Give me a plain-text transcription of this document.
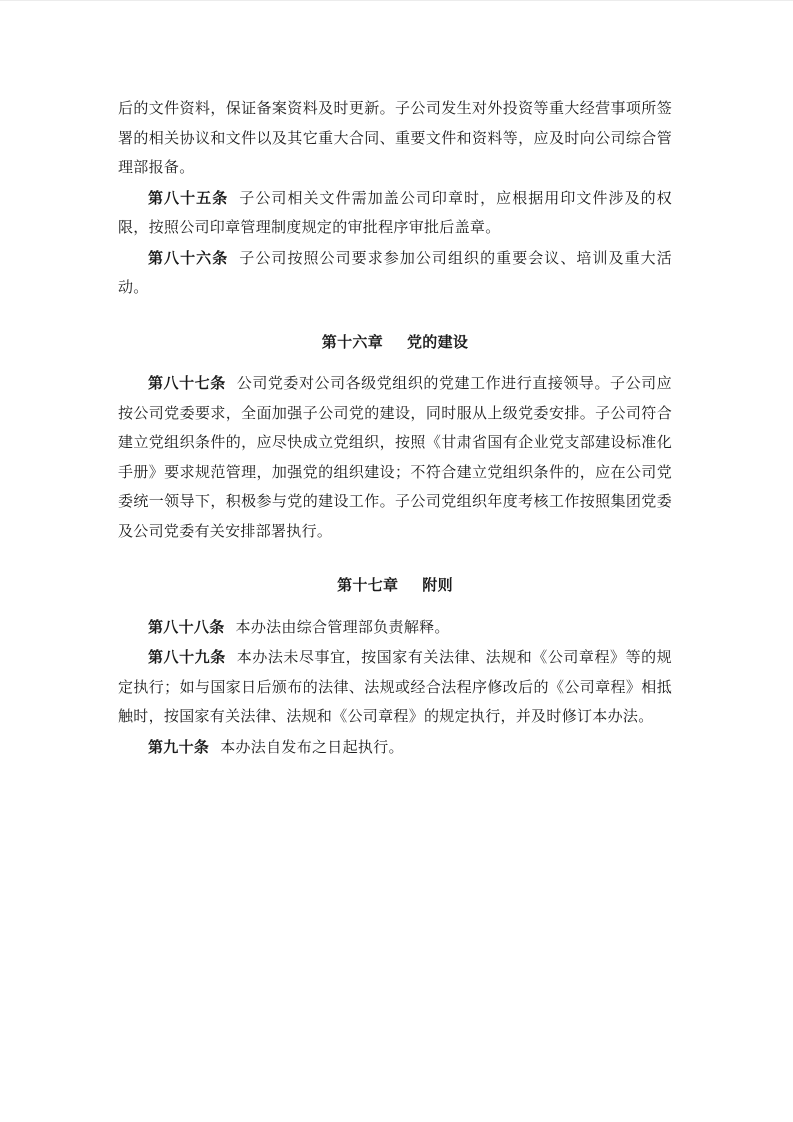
后的文件资料，保证备案资料及时更新。子公司发生对外投资等重大经营事项所签署的相关协议和文件以及其它重大合同、重要文件和资料等，应及时向公司综合管理部报备。

第八十五条 子公司相关文件需加盖公司印章时，应根据用印文件涉及的权限，按照公司印章管理制度规定的审批程序审批后盖章。

第八十六条 子公司按照公司要求参加公司组织的重要会议、培训及重大活动。

第十六章 党的建设

第八十七条 公司党委对公司各级党组织的党建工作进行直接领导。子公司应按公司党委要求，全面加强子公司党的建设，同时服从上级党委安排。子公司符合建立党组织条件的，应尽快成立党组织，按照《甘肃省国有企业党支部建设标准化手册》要求规范管理，加强党的组织建设；不符合建立党组织条件的，应在公司党委统一领导下，积极参与党的建设工作。子公司党组织年度考核工作按照集团党委及公司党委有关安排部署执行。

第十七章 附则

第八十八条 本办法由综合管理部负责解释。

第八十九条 本办法未尽事宜，按国家有关法律、法规和《公司章程》等的规定执行；如与国家日后颁布的法律、法规或经合法程序修改后的《公司章程》相抵触时，按国家有关法律、法规和《公司章程》的规定执行，并及时修订本办法。

第九十条 本办法自发布之日起执行。
